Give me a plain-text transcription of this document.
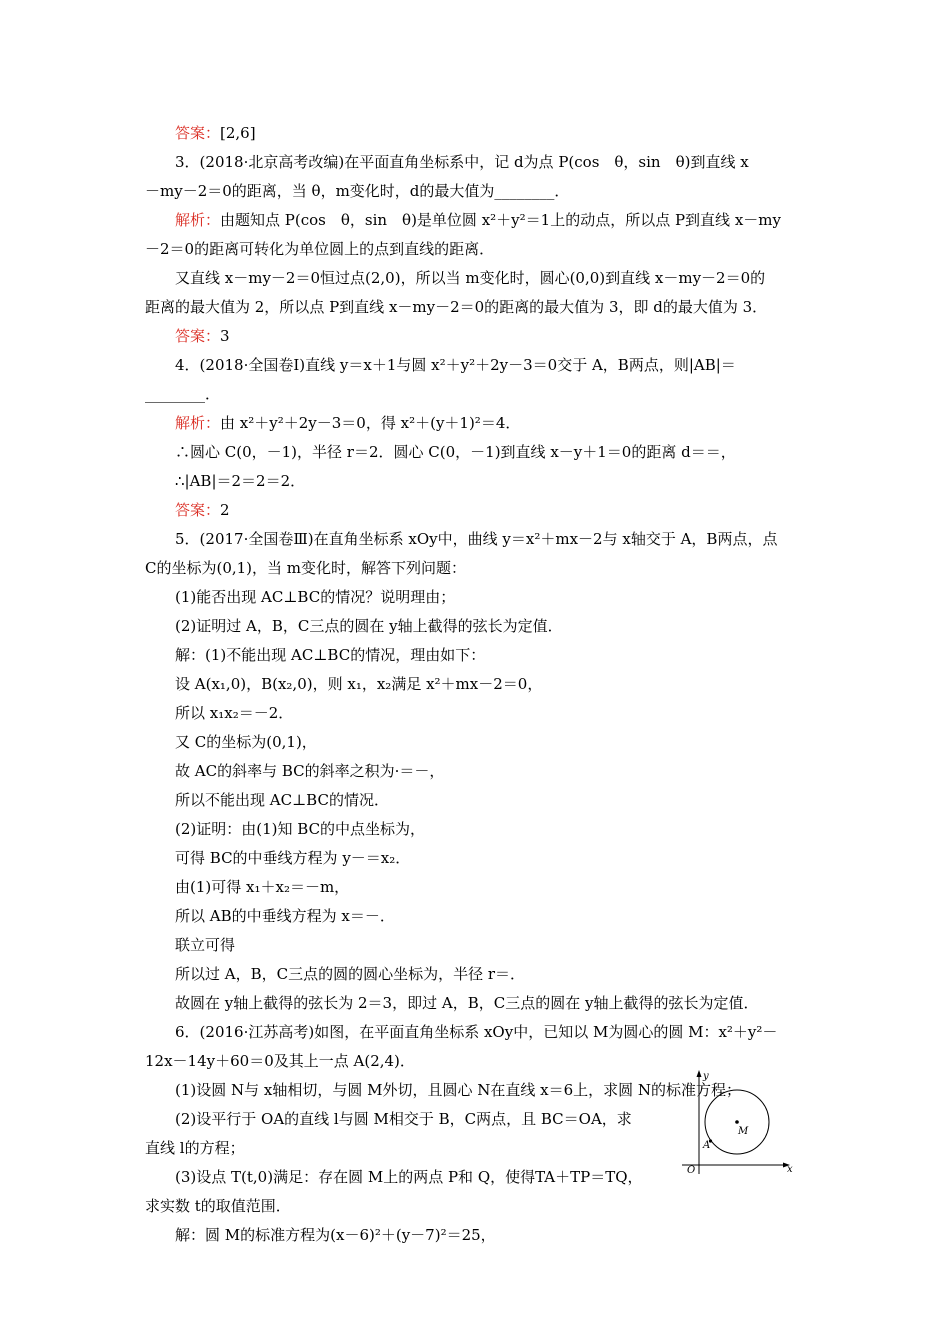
答案：[2,6]
3．(2018·北京高考改编)在平面直角坐标系中，记 d为点 P(cos　θ，sin　θ)到直线 x
－my－2＝0的距离，当 θ，m变化时，d的最大值为________．
解析：由题知点 P(cos　θ，sin　θ)是单位圆 x²＋y²＝1上的动点，所以点 P到直线 x－my
－2＝0的距离可转化为单位圆上的点到直线的距离．
又直线 x－my－2＝0恒过点(2,0)，所以当 m变化时，圆心(0,0)到直线 x－my－2＝0的
距离的最大值为 2，所以点 P到直线 x－my－2＝0的距离的最大值为 3，即 d的最大值为 3．
答案：3
4．(2018·全国卷Ⅰ)直线 y＝x＋1与圆 x²＋y²＋2y－3＝0交于 A，B两点，则|AB|＝
________．
解析：由 x²＋y²＋2y－3＝0，得 x²＋(y＋1)²＝4．
∴圆心 C(0，－1)，半径 r＝2．圆心 C(0，－1)到直线 x－y＋1＝0的距离 d＝＝，
∴|AB|＝2＝2＝2．
答案：2
5．(2017·全国卷Ⅲ)在直角坐标系 xOy中，曲线 y＝x²＋mx－2与 x轴交于 A，B两点，点
C的坐标为(0,1)，当 m变化时，解答下列问题：
(1)能否出现 AC⊥BC的情况？说明理由；
(2)证明过 A，B，C三点的圆在 y轴上截得的弦长为定值．
解：(1)不能出现 AC⊥BC的情况，理由如下：
设 A(x₁,0)，B(x₂,0)，则 x₁，x₂满足 x²＋mx－2＝0，
所以 x₁x₂＝－2．
又 C的坐标为(0,1)，
故 AC的斜率与 BC的斜率之积为·＝－，
所以不能出现 AC⊥BC的情况．
(2)证明：由(1)知 BC的中点坐标为，
可得 BC的中垂线方程为 y－＝x₂．
由(1)可得 x₁＋x₂＝－m，
所以 AB的中垂线方程为 x＝－．
联立可得
所以过 A，B，C三点的圆的圆心坐标为，半径 r＝．
故圆在 y轴上截得的弦长为 2＝3，即过 A，B，C三点的圆在 y轴上截得的弦长为定值．
6．(2016·江苏高考)如图，在平面直角坐标系 xOy中，已知以 M为圆心的圆 M：x²＋y²－
12x－14y＋60＝0及其上一点 A(2,4)．
(1)设圆 N与 x轴相切，与圆 M外切，且圆心 N在直线 x＝6上，求圆 N的标准方程；
(2)设平行于 OA的直线 l与圆 M相交于 B，C两点，且 BC＝OA，求
直线 l的方程；
(3)设点 T(t,0)满足：存在圆 M上的两点 P和 Q，使得TA＋TP＝TQ，
求实数 t的取值范围．
解：圆 M的标准方程为(x－6)²＋(y－7)²＝25，
y
x
O
M
A
